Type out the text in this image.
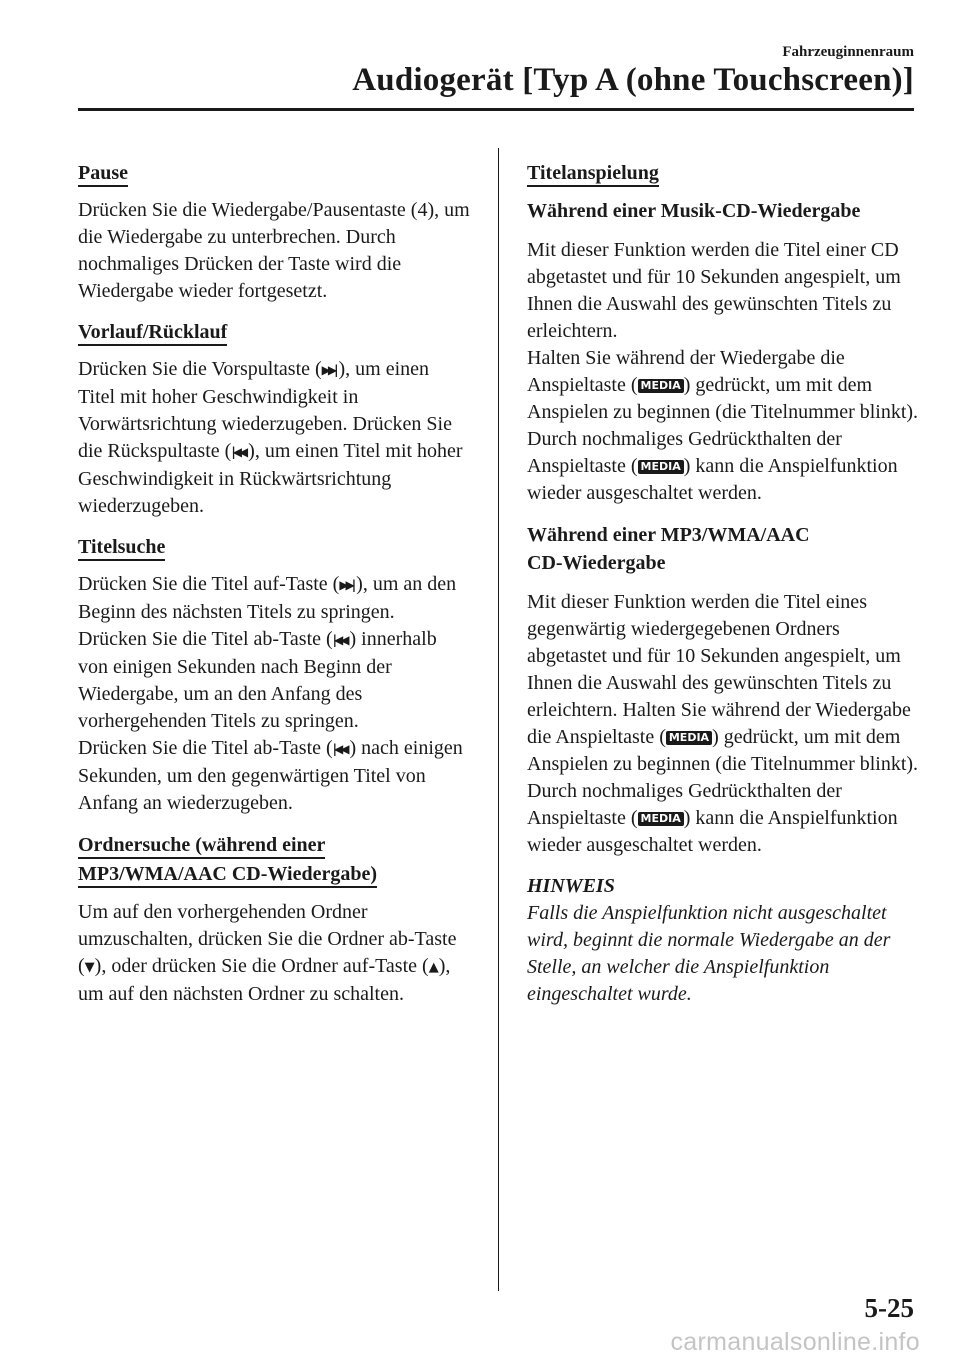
Fahrzeuginnenraum
Audiogerät [Typ A (ohne Touchscreen)]
Pause

Drücken Sie die Wiedergabe/Pausentaste (4), um die Wiedergabe zu unterbrechen. Durch nochmaliges Drücken der Taste wird die Wiedergabe wieder fortgesetzt.

Vorlauf/Rücklauf

Drücken Sie die Vorspultaste (▶▶| ), um einen Titel mit hoher Geschwindigkeit in Vorwärtsrichtung wiederzugeben. Drücken Sie die Rückspultaste (|◀◀ ), um einen Titel mit hoher Geschwindigkeit in Rückwärtsrichtung wiederzugeben.

Titelsuche

Drücken Sie die Titel auf-Taste (▶▶| ), um an den Beginn des nächsten Titels zu springen.
Drücken Sie die Titel ab-Taste (|◀◀ ) innerhalb von einigen Sekunden nach Beginn der Wiedergabe, um an den Anfang des vorhergehenden Titels zu springen.
Drücken Sie die Titel ab-Taste (|◀◀ ) nach einigen Sekunden, um den gegenwärtigen Titel von Anfang an wiederzugeben.

Ordnersuche (während einer
MP3/WMA/AAC CD-Wiedergabe)

Um auf den vorhergehenden Ordner umzuschalten, drücken Sie die Ordner ab-Taste (▼), oder drücken Sie die Ordner auf-Taste (▲), um auf den nächsten Ordner zu schalten.

Titelanspielung

Während einer Musik-CD-Wiedergabe

Mit dieser Funktion werden die Titel einer CD abgetastet und für 10 Sekunden angespielt, um Ihnen die Auswahl des gewünschten Titels zu erleichtern.
Halten Sie während der Wiedergabe die Anspieltaste ( MEDIA ) gedrückt, um mit dem Anspielen zu beginnen (die Titelnummer blinkt). Durch nochmaliges Gedrückthalten der Anspieltaste ( MEDIA ) kann die Anspielfunktion wieder ausgeschaltet werden.

Während einer MP3/WMA/AAC
CD-Wiedergabe

Mit dieser Funktion werden die Titel eines gegenwärtig wiedergegebenen Ordners abgetastet und für 10 Sekunden angespielt, um Ihnen die Auswahl des gewünschten Titels zu erleichtern. Halten Sie während der Wiedergabe die Anspieltaste ( MEDIA ) gedrückt, um mit dem Anspielen zu beginnen (die Titelnummer blinkt).
Durch nochmaliges Gedrückthalten der Anspieltaste ( MEDIA ) kann die Anspielfunktion wieder ausgeschaltet werden.

HINWEIS

Falls die Anspielfunktion nicht ausgeschaltet wird, beginnt die normale Wiedergabe an der Stelle, an welcher die Anspielfunktion eingeschaltet wurde.

5-25
carmanualsonline.info
